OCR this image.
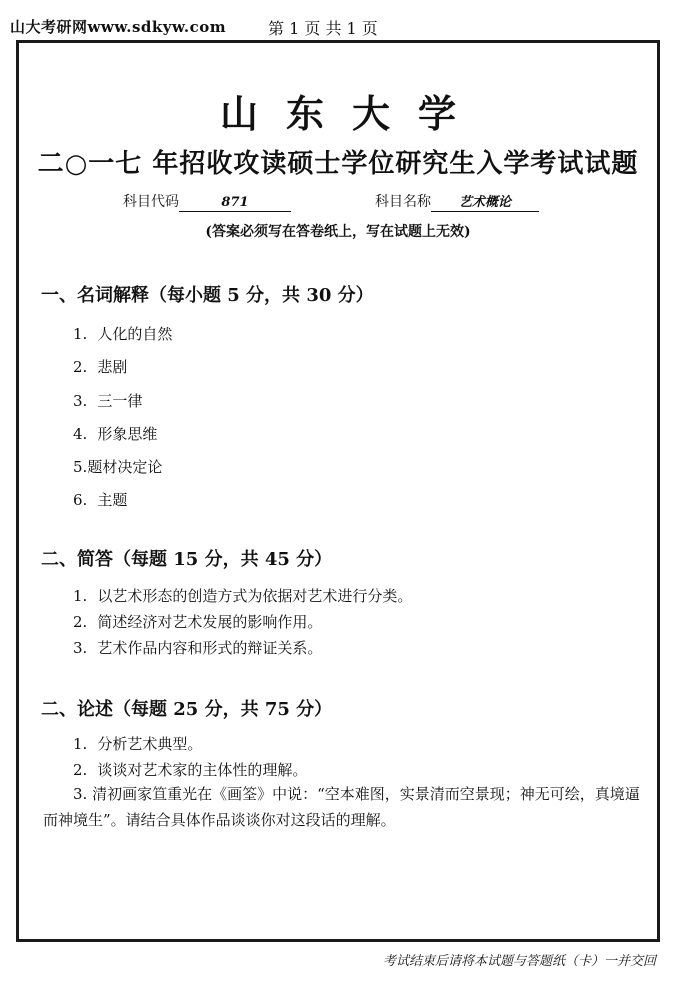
山大考研网www.sdkyw.com	第 1 页 共 1 页
山东大学
二○一七 年招收攻读硕士学位研究生入学考试试题
科目代码	871	科目名称 艺术概论
(答案必须写在答卷纸上，写在试题上无效)
一、名词解释（每小题 5 分，共 30 分）
1. 人化的自然
2. 悲剧
3. 三一律
4. 形象思维
5.题材决定论
6. 主题
二、简答（每题 15 分，共 45 分）
1. 以艺术形态的创造方式为依据对艺术进行分类。
2. 简述经济对艺术发展的影响作用。
3. 艺术作品内容和形式的辩证关系。
二、论述（每题 25 分，共 75 分）
1. 分析艺术典型。
2. 谈谈对艺术家的主体性的理解。
3. 清初画家笪重光在《画筌》中说：“空本难图，实景清而空景现；神无可绘，真境逼而神境生”。请结合具体作品谈谈你对这段话的理解。
考试结束后请将本试题与答题纸（卡）一并交回
